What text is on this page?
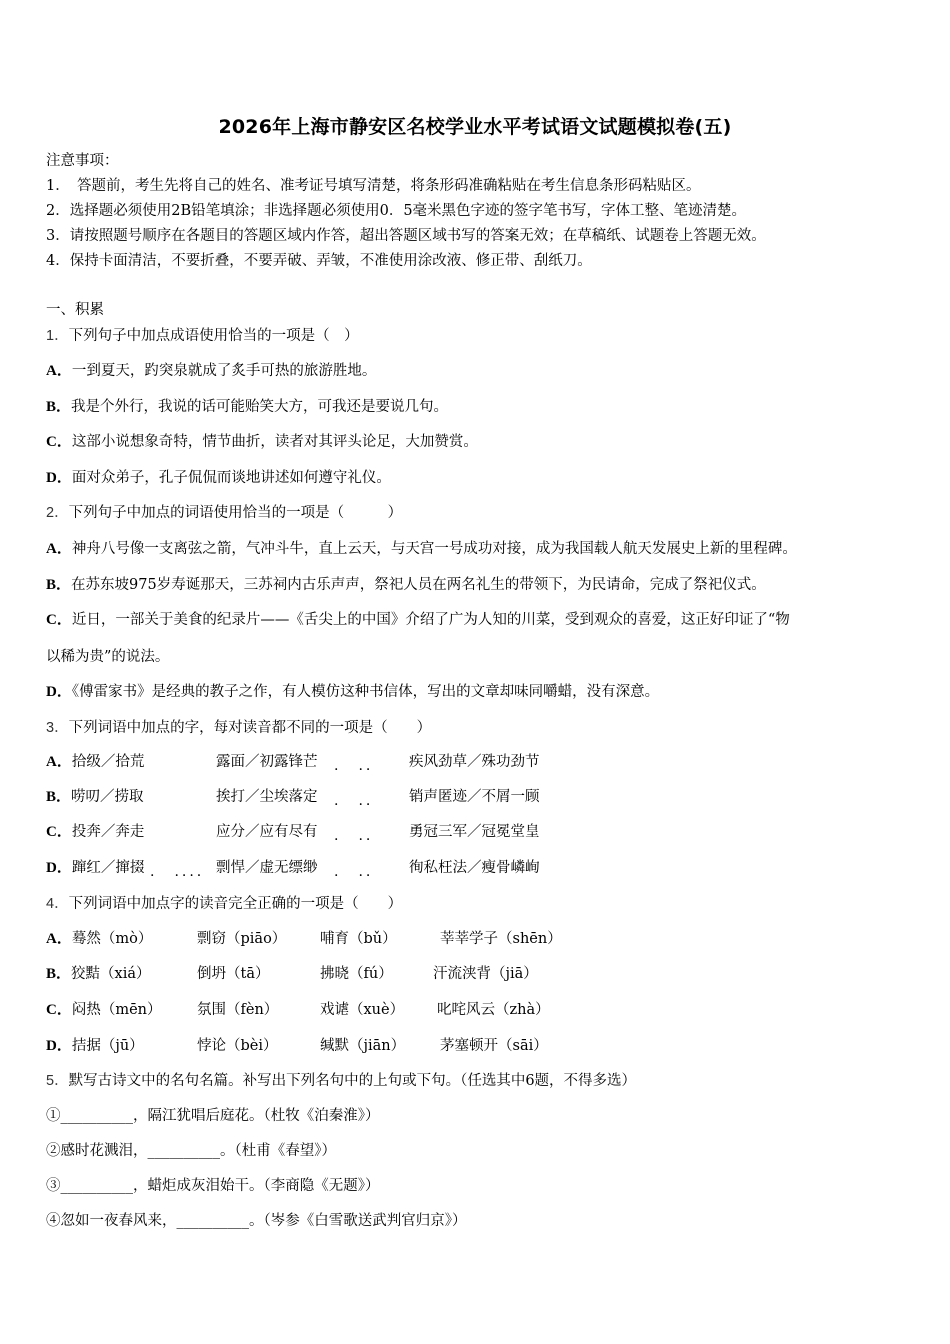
2026年上海市静安区名校学业水平考试语文试题模拟卷(五)
注意事项：
1．　答题前，考生先将自己的姓名、准考证号填写清楚，将条形码准确粘贴在考生信息条形码粘贴区。
2．选择题必须使用2B铅笔填涂；非选择题必须使用0．5毫米黑色字迹的签字笔书写，字体工整、笔迹清楚。
3．请按照题号顺序在各题目的答题区域内作答，超出答题区域书写的答案无效；在草稿纸、试题卷上答题无效。
4．保持卡面清洁，不要折叠，不要弄破、弄皱，不准使用涂改液、修正带、刮纸刀。
一、积累
1．下列句子中加点成语使用恰当的一项是（　）
A．一到夏天，趵突泉就成了炙手可热的旅游胜地。
B．我是个外行，我说的话可能贻笑大方，可我还是要说几句。
C．这部小说想象奇特，情节曲折，读者对其评头论足，大加赞赏。
D．面对众弟子，孔子侃侃而谈地讲述如何遵守礼仪。
2．下列句子中加点的词语使用恰当的一项是（　　　）
A．神舟八号像一支离弦之箭，气冲斗牛，直上云天，与天宫一号成功对接，成为我国载人航天发展史上新的里程碑。
B．在苏东坡975岁寿诞那天，三苏祠内古乐声声，祭祀人员在两名礼生的带领下，为民请命，完成了祭祀仪式。
C．近日，一部关于美食的纪录片——《舌尖上的中国》介绍了广为人知的川菜，受到观众的喜爱，这正好印证了“物
以稀为贵”的说法。
D．《傅雷家书》是经典的教子之作，有人模仿这种书信体，写出的文章却味同嚼蜡，没有深意。
3．下列词语中加点的字，每对读音都不同的一项是（　　）
A．拾级／拾荒	露面／初露锋芒	疾风劲草／殊功劲节
.　..
B．唠叨／捞取	挨打／尘埃落定	销声匿迹／不屑一顾
.　..
C．投奔／奔走	应分／应有尽有	勇冠三军／冠冕堂皇
.　..
D．蹿红／撺掇	剽悍／虚无缥缈	徇私枉法／瘦骨嶙峋
.　....	.　..
4．下列词语中加点字的读音完全正确的一项是（　　）
A．蓦然（mò）	剽窃（piāo） 哺育（bǔ）	莘莘学子（shēn）
B．狡黠（xiá）	倒坍（tā）	拂晓（fú）	汗流浃背（jiā）
C．闷热（mēn） 氛围（fèn）	戏谑（xuè） 叱咤风云（zhà）
D．拮据（jū）	悖论（bèi）	缄默（jiān） 茅塞顿开（sāi）
5．默写古诗文中的名句名篇。补写出下列名句中的上句或下句。（任选其中6题，不得多选）
①__________，隔江犹唱后庭花。（杜牧《泊秦淮》）
②感时花溅泪，__________。（杜甫《春望》）
③__________，蜡炬成灰泪始干。（李商隐《无题》）
④忽如一夜春风来，__________。（岑参《白雪歌送武判官归京》）
